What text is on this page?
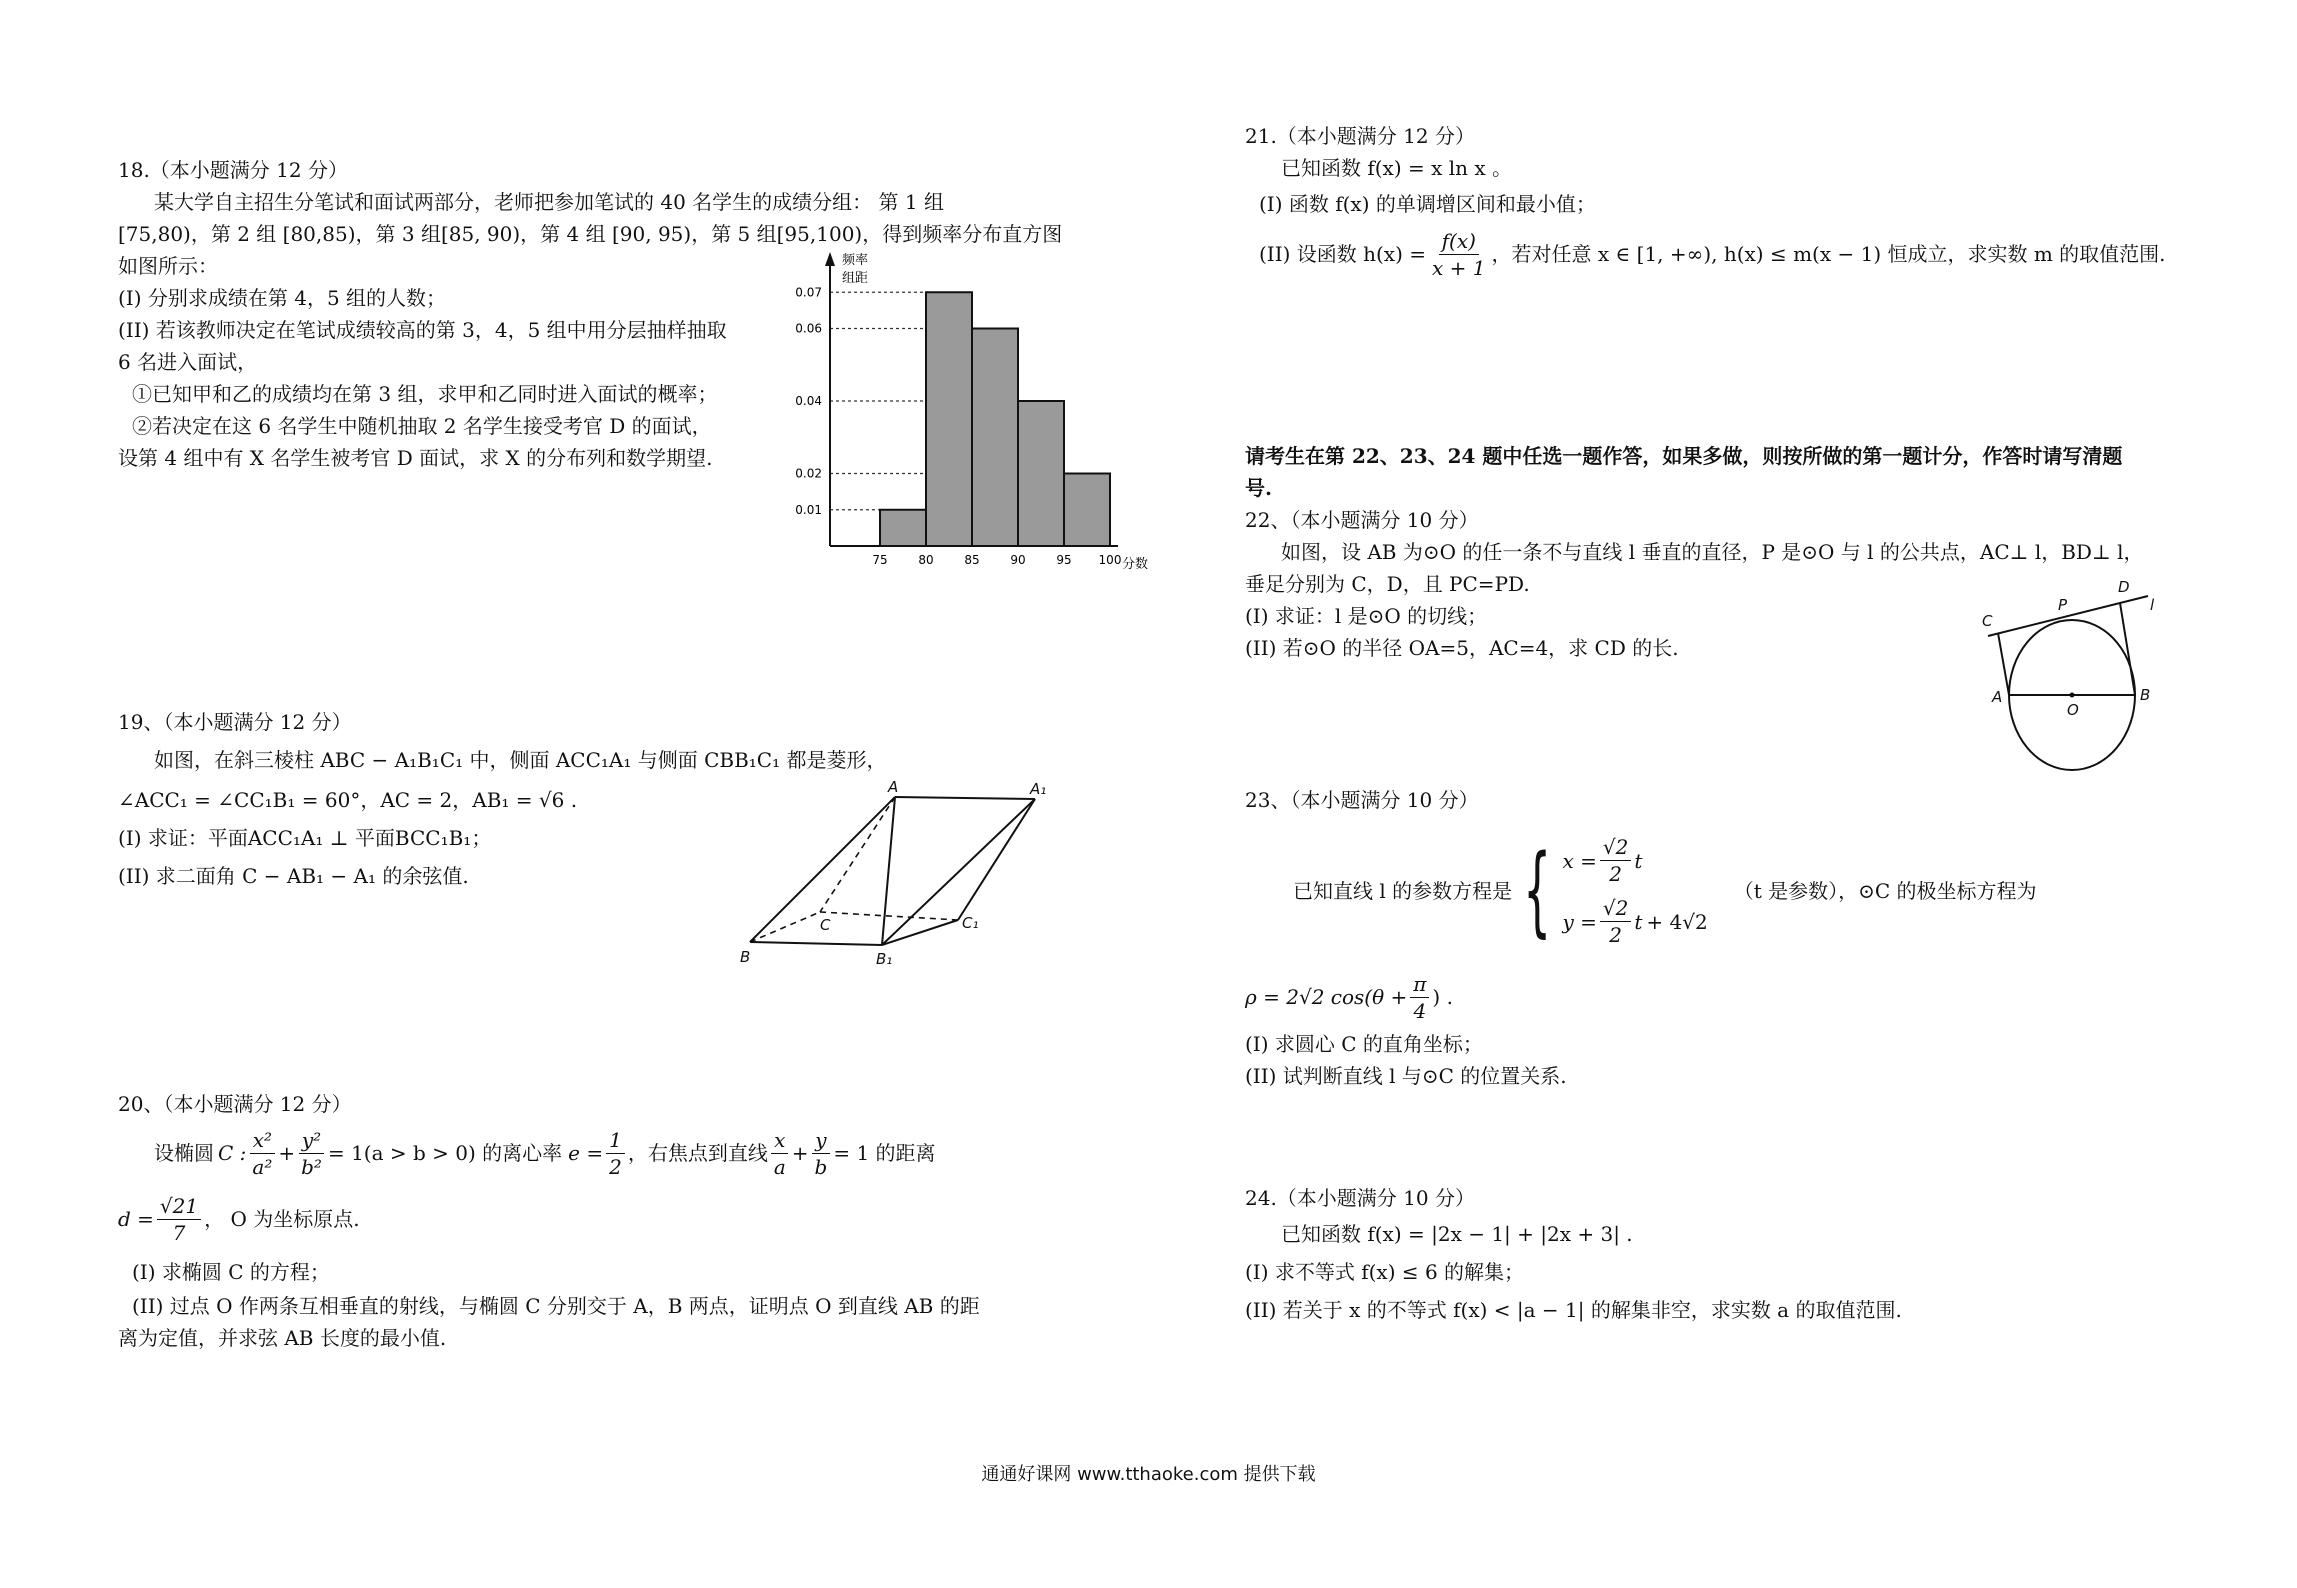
18.（本小题满分 12 分）
某大学自主招生分笔试和面试两部分，老师把参加笔试的 40 名学生的成绩分组： 第 1 组
[75,80)，第 2 组 [80,85)，第 3 组[85, 90)，第 4 组 [90, 95)，第 5 组[95,100)，得到频率分布直方图
如图所示：
(I) 分别求成绩在第 4，5 组的人数；
(II) 若该教师决定在笔试成绩较高的第 3，4，5 组中用分层抽样抽取
6 名进入面试，
①已知甲和乙的成绩均在第 3 组，求甲和乙同时进入面试的概率；
②若决定在这 6 名学生中随机抽取 2 名学生接受考官 D 的面试，
设第 4 组中有 X 名学生被考官 D 面试，求 X 的分布列和数学期望.
频率
组距
分数
0.07
0.06
0.04
0.02
0.01
75	80	85	90	95 100
19、（本小题满分 12 分）
如图，在斜三棱柱 ABC − A₁B₁C₁ 中，侧面 ACC₁A₁ 与侧面 CBB₁C₁ 都是菱形，
∠ACC₁ = ∠CC₁B₁ = 60°，AC = 2，AB₁ = √6 .
(I) 求证：平面ACC₁A₁ ⊥ 平面BCC₁B₁；
(II) 求二面角 C − AB₁ − A₁ 的余弦值.
A	A₁
B	B₁
C	C₁
20、（本小题满分 12 分）
设椭圆 C : $\frac{\text{x²}}{\text{a²}} + \frac{\text{y²}}{\text{b²}} = 1(a > b > 0)$ 的离心率 $e = \frac{1}{2}$ ，右焦点到直线 $\frac{x}{a} + \frac{y}{b} = 1$ 的距离
$d = \frac{√21}{7}$ ， O 为坐标原点.
(I) 求椭圆 C 的方程；
(II) 过点 O 作两条互相垂直的射线，与椭圆 C 分别交于 A，B 两点，证明点 O 到直线 AB 的距
离为定值，并求弦 AB 长度的最小值.
21.（本小题满分 12 分）
已知函数 f(x) = x ln x 。
(I) 函数 f(x) 的单调增区间和最小值；
(II) 设函数 $h(x) = \frac{f(x)}{x + 1}$ ，若对任意 x ∈ [1, +∞), h(x) ≤ m(x − 1) 恒成立，求实数 m 的取值范围.
请考生在第 22、23、24 题中任选一题作答，如果多做，则按所做的第一题计分，作答时请写清题
号.
22、（本小题满分 10 分）
如图，设 AB 为⊙O 的任一条不与直线 l 垂直的直径，P 是⊙O 与 l 的公共点，AC⊥ l，BD⊥ l，
垂足分别为 C，D，且 PC=PD.
(I) 求证：l 是⊙O 的切线；
(II) 若⊙O 的半径 OA=5，AC=4，求 CD 的长.
C
P
D
l
A	B
O
23、（本小题满分 10 分）
已知直线 l 的参数方程是 { $x = \frac{√2}{2}$ t
$y = \frac{√2}{2}$ t + 4√2
（t 是参数），⊙C 的极坐标方程为
ρ = 2√2 $\cos(\theta + \frac{\pi}{4}$ ) .
(I) 求圆心 C 的直角坐标；
(II) 试判断直线 l 与⊙C 的位置关系.
24.（本小题满分 10 分）
已知函数 f(x) = |2x − 1| + |2x + 3| .
(I) 求不等式 f(x) ≤ 6 的解集；
(II) 若关于 x 的不等式 f(x) < |a − 1| 的解集非空，求实数 a 的取值范围.
通通好课网 www.tthaoke.com 提供下载
